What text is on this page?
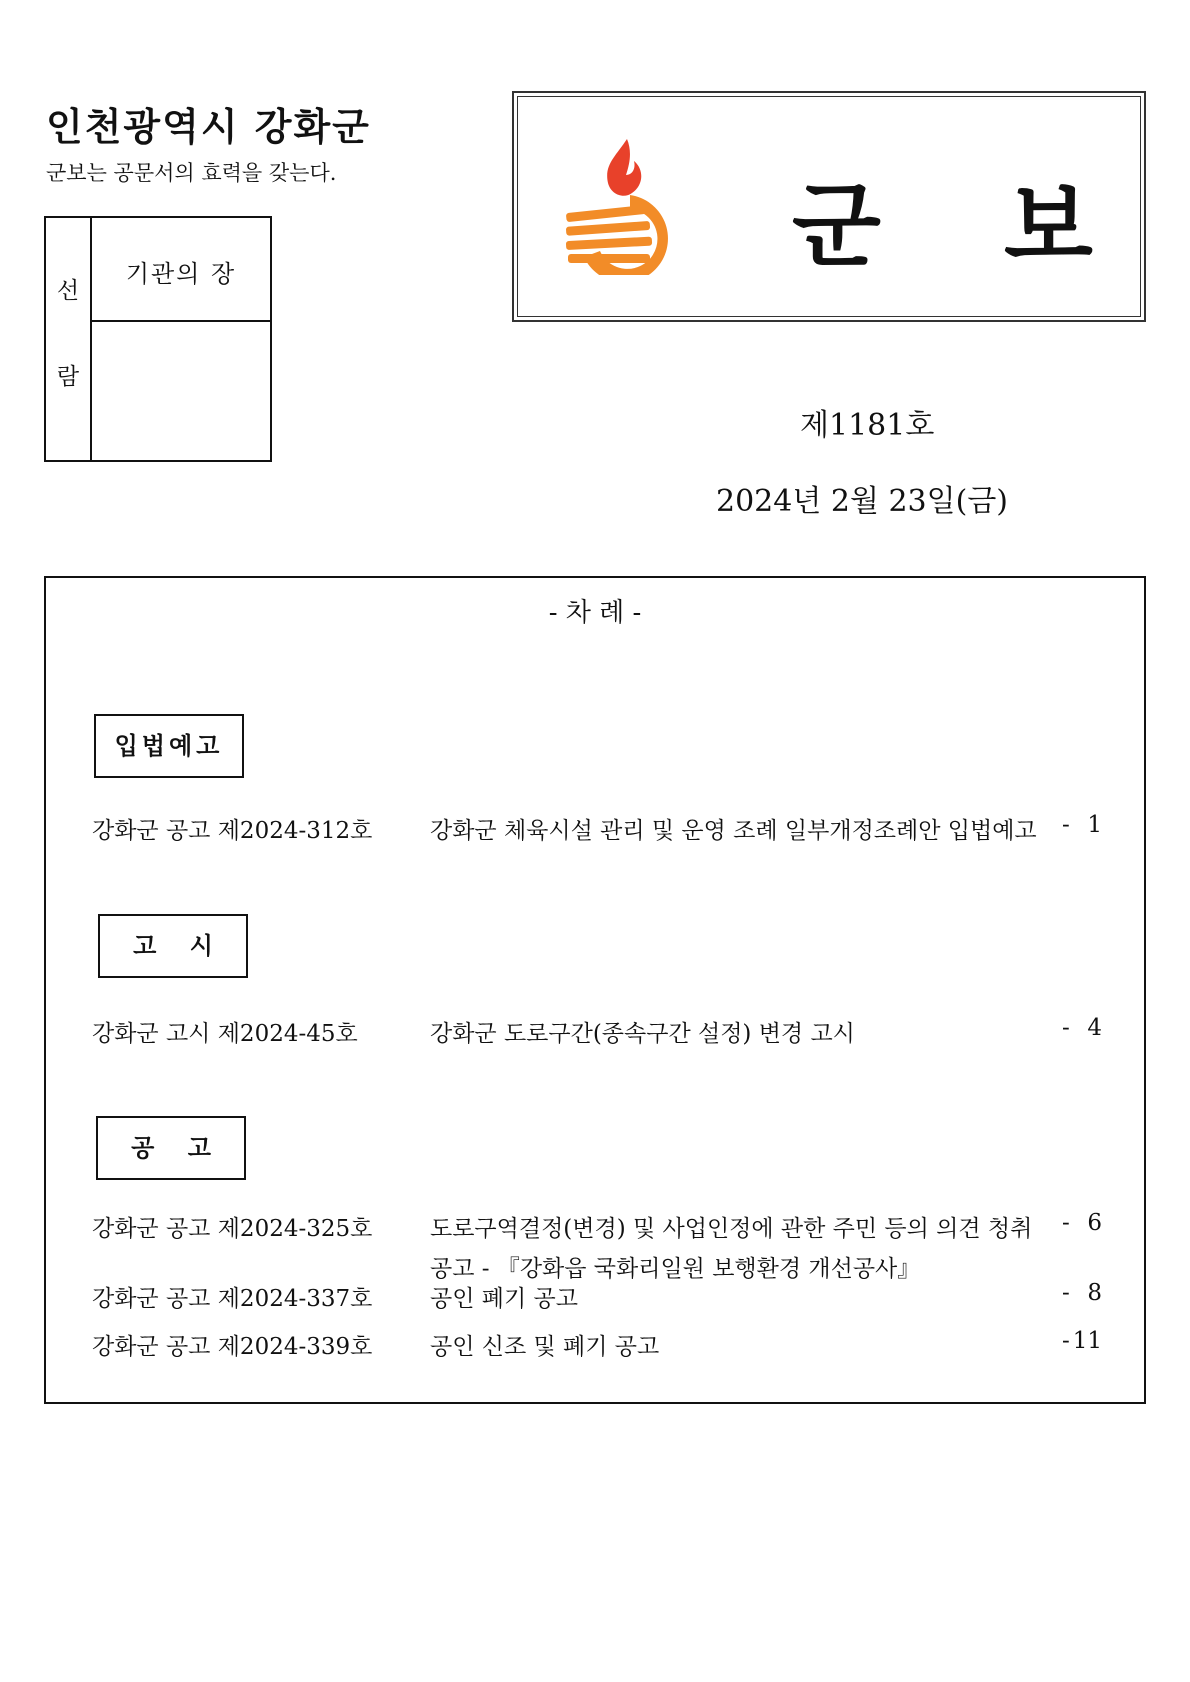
인천광역시 강화군
군보는 공문서의 효력을 갖는다.
선
람
기관의 장	군 보
제1181호
2024년 2월 23일(금)
- 차 례 -
입법예고
강화군 공고 제2024-312호	강화군 체육시설 관리 및 운영 조례 일부개정조례안 입법예고 - 1
고    시
강화군 고시 제2024-45호	강화군 도로구간(종속구간 설정) 변경 고시	- 4
공    고
강화군 공고 제2024-325호	도로구역결정(변경) 및 사업인정에 관한 주민 등의 의견 청취 - 6
공고 - 『강화읍 국화리일원 보행환경 개선공사』
강화군 공고 제2024-337호	공인 폐기 공고	- 8
강화군 공고 제2024-339호	공인 신조 및 폐기 공고	- 11
